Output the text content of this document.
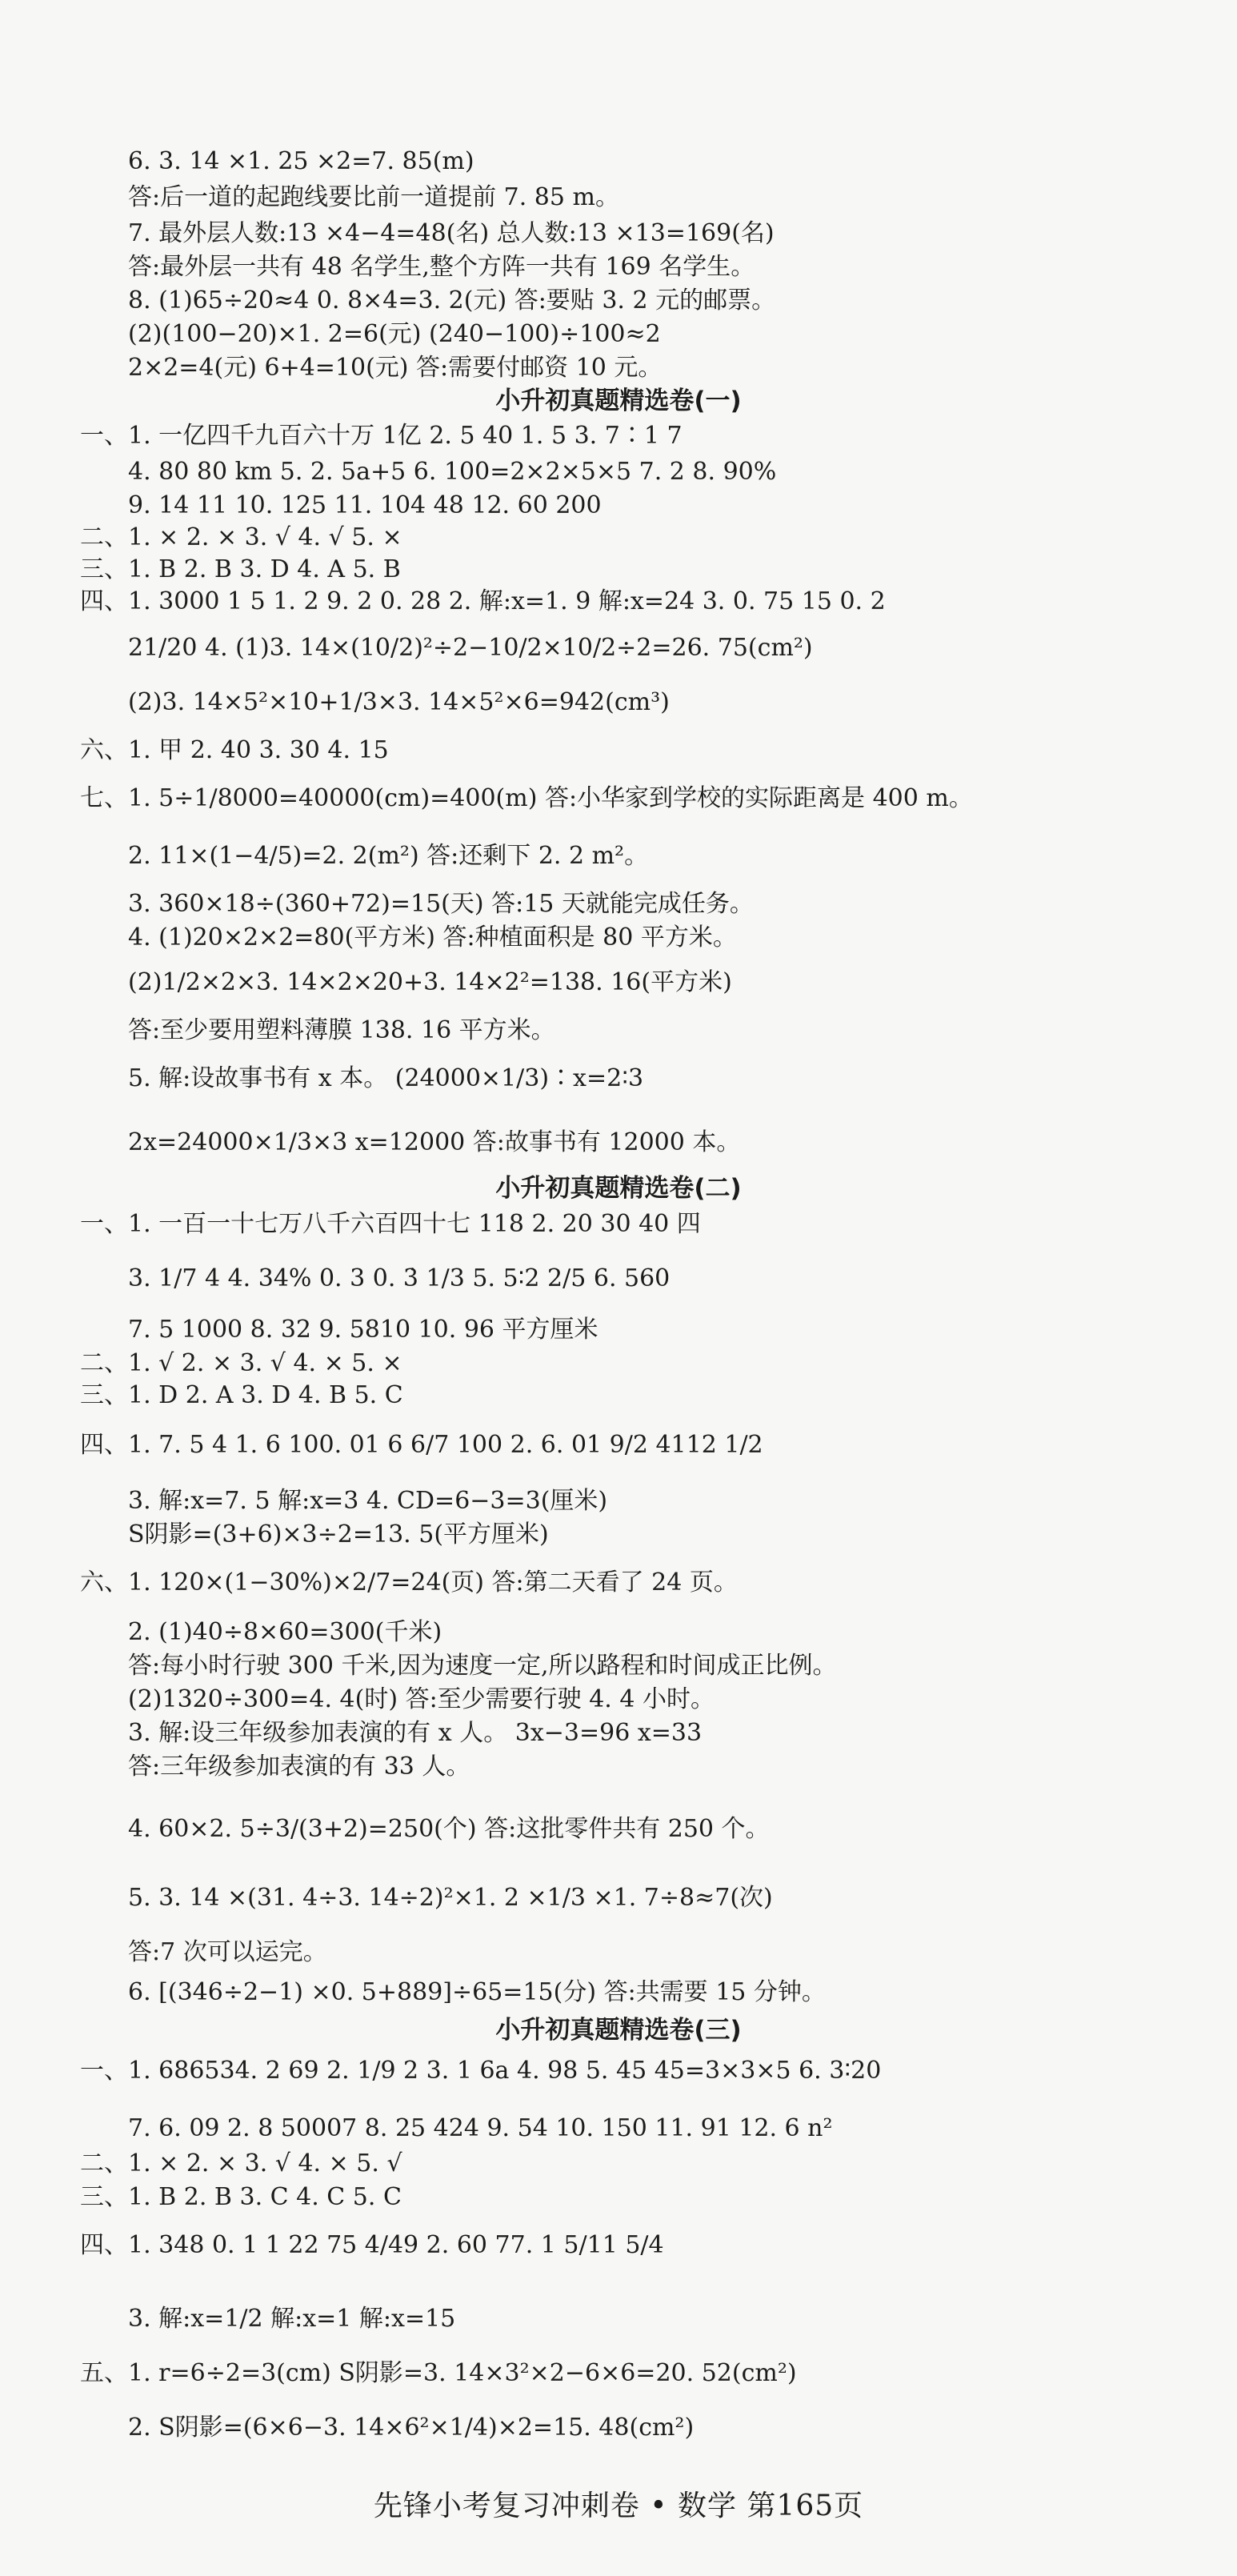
6. 3. 14 ×1. 25 ×2=7. 85(m)
答:后一道的起跑线要比前一道提前 7. 85 m。
7. 最外层人数:13 ×4−4=48(名) 总人数:13 ×13=169(名)
答:最外层一共有 48 名学生,整个方阵一共有 169 名学生。
8. (1)65÷20≈4 0. 8×4=3. 2(元) 答:要贴 3. 2 元的邮票。
(2)(100−20)×1. 2=6(元) (240−100)÷100≈2
2×2=4(元) 6+4=10(元) 答:需要付邮资 10 元。
小升初真题精选卷(一)
一、1. 一亿四千九百六十万 1亿 2. 5 40 1. 5 3. 7∶1 7
4. 80 80 km 5. 2. 5a+5 6. 100=2×2×5×5 7. 2 8. 90%
9. 14 11 10. 125 11. 104 48 12. 60 200
二、1. × 2. × 3. √ 4. √ 5. ×
三、1. B 2. B 3. D 4. A 5. B
四、1. 3000 1 5 1. 2 9. 2 0. 28 2. 解:x=1. 9 解:x=24 3. 0. 75 15 0. 2
21/20 4. (1)3. 14×(10/2)²÷2−10/2×10/2÷2=26. 75(cm²)
(2)3. 14×5²×10+1/3×3. 14×5²×6=942(cm³)
六、1. 甲 2. 40 3. 30 4. 15
七、1. 5÷1/8000=40000(cm)=400(m) 答:小华家到学校的实际距离是 400 m。
2. 11×(1−4/5)=2. 2(m²) 答:还剩下 2. 2 m²。
3. 360×18÷(360+72)=15(天) 答:15 天就能完成任务。
4. (1)20×2×2=80(平方米) 答:种植面积是 80 平方米。
(2)1/2×2×3. 14×2×20+3. 14×2²=138. 16(平方米)
答:至少要用塑料薄膜 138. 16 平方米。
5. 解:设故事书有 x 本。 (24000×1/3)∶x=2∶3
2x=24000×1/3×3 x=12000 答:故事书有 12000 本。
小升初真题精选卷(二)
一、1. 一百一十七万八千六百四十七 118 2. 20 30 40 四
3. 1/7 4 4. 34% 0. 3 0. 3̇ 1/3 5. 5∶2 2/5 6. 560
7. 5 1000 8. 32 9. 5810 10. 96 平方厘米
二、1. √ 2. × 3. √ 4. × 5. ×
三、1. D 2. A 3. D 4. B 5. C
四、1. 7. 5 4 1. 6 100. 01 6 6/7 100 2. 6. 01 9/2 4112 1/2
3. 解:x=7. 5 解:x=3 4. CD=6−3=3(厘米)
S阴影=(3+6)×3÷2=13. 5(平方厘米)
六、1. 120×(1−30%)×2/7=24(页) 答:第二天看了 24 页。
2. (1)40÷8×60=300(千米)
答:每小时行驶 300 千米,因为速度一定,所以路程和时间成正比例。
(2)1320÷300=4. 4(时) 答:至少需要行驶 4. 4 小时。
3. 解:设三年级参加表演的有 x 人。 3x−3=96 x=33
答:三年级参加表演的有 33 人。
4. 60×2. 5÷3/(3+2)=250(个) 答:这批零件共有 250 个。
5. 3. 14 ×(31. 4÷3. 14÷2)²×1. 2 ×1/3 ×1. 7÷8≈7(次)
答:7 次可以运完。
6. [(346÷2−1) ×0. 5+889]÷65=15(分) 答:共需要 15 分钟。
小升初真题精选卷(三)
一、1. 686534. 2 69 2. 1/9 2 3. 1 6a 4. 98 5. 45 45=3×3×5 6. 3∶20
7. 6. 09 2. 8 50007 8. 25 424 9. 54 10. 150 11. 91 12. 6 n²
二、1. × 2. × 3. √ 4. × 5. √
三、1. B 2. B 3. C 4. C 5. C
四、1. 348 0. 1 1 22 75 4/49 2. 60 77. 1 5/11 5/4
3. 解:x=1/2 解:x=1 解:x=15
五、1. r=6÷2=3(cm) S阴影=3. 14×3²×2−6×6=20. 52(cm²)
2. S阴影=(6×6−3. 14×6²×1/4)×2=15. 48(cm²)
先锋小考复习冲刺卷 • 数学 第165页
